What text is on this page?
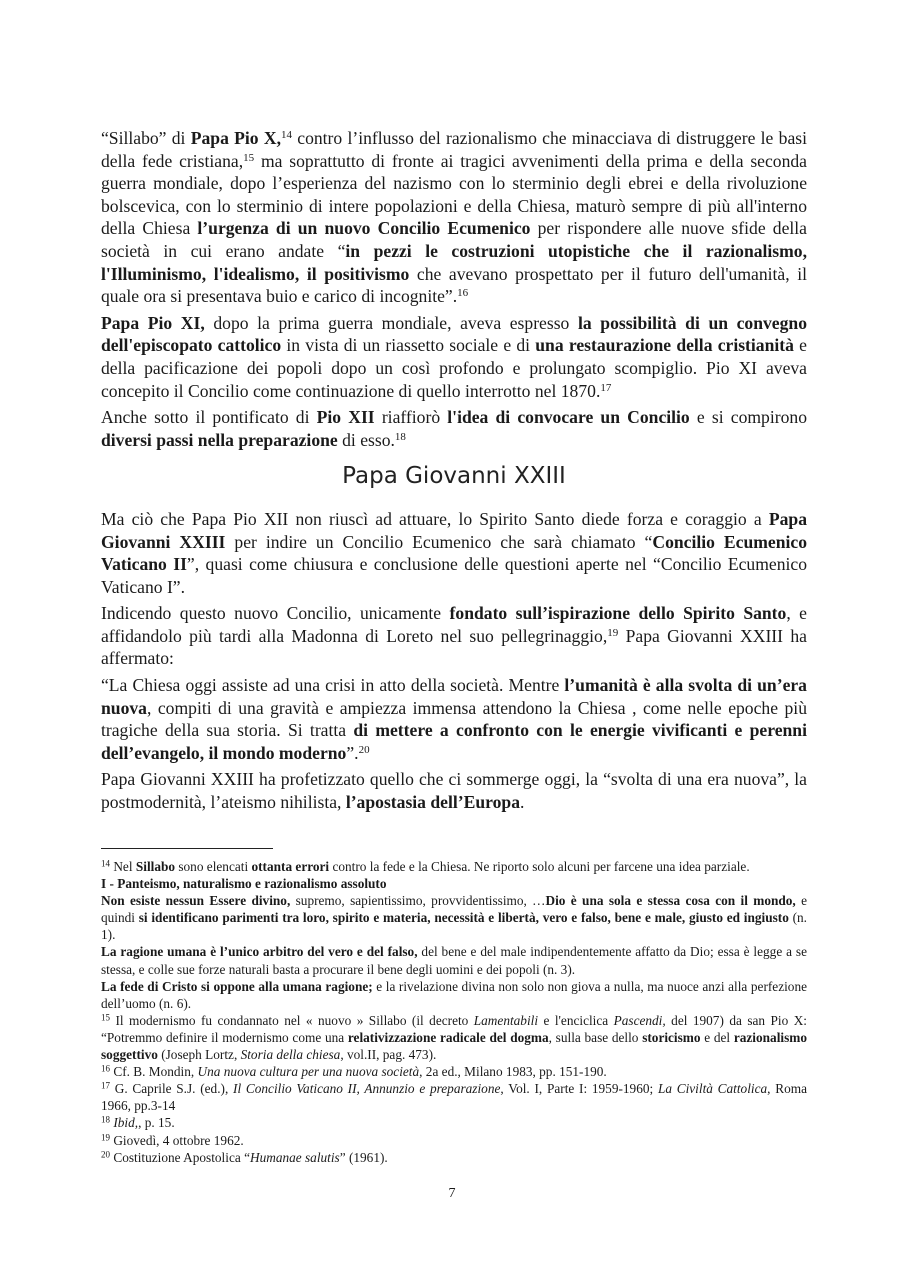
“Sillabo” di Papa Pio X,$^{14}$ contro l’influsso del razionalismo che minacciava di distruggere le basi della fede cristiana,$^{15}$ ma soprattutto di fronte ai tragici avvenimenti della prima e della seconda guerra mondiale, dopo l’esperienza del nazismo con lo sterminio degli ebrei e della rivoluzione bolscevica, con lo sterminio di intere popolazioni e della Chiesa, maturò sempre di più all'interno della Chiesa l’urgenza di un nuovo Concilio Ecumenico per rispondere alle nuove sfide della società in cui erano andate “in pezzi le costruzioni utopistiche che il razionalismo, l'Illuminismo, l'idealismo, il positivismo che avevano prospettato per il futuro dell'umanità, il quale ora si presentava buio e carico di incognite”.$^{16}$

Papa Pio XI, dopo la prima guerra mondiale, aveva espresso la possibilità di un convegno dell'episcopato cattolico in vista di un riassetto sociale e di una restaurazione della cristianità e della pacificazione dei popoli dopo un così profondo e prolungato scompiglio. Pio XI aveva concepito il Concilio come continuazione di quello interrotto nel 1870.17

Anche sotto il pontificato di Pio XII riaffiorò l'idea di convocare un Concilio e si compirono diversi passi nella preparazione di esso.$^{18}$

Papa Giovanni XXIII

Ma ciò che Papa Pio XII non riuscì ad attuare, lo Spirito Santo diede forza e coraggio a Papa Giovanni XXIII per indire un Concilio Ecumenico che sarà chiamato “Concilio Ecumenico Vaticano II”, quasi come chiusura e conclusione delle questioni aperte nel “Concilio Ecumenico Vaticano I”.

Indicendo questo nuovo Concilio, unicamente fondato sull’ispirazione dello Spirito Santo, e affidandolo più tardi alla Madonna di Loreto nel suo pellegrinaggio,$^{19}$ Papa Giovanni XXIII ha affermato:

“La Chiesa oggi assiste ad una crisi in atto della società. Mentre l’umanità è alla svolta di un’era nuova, compiti di una gravità e ampiezza immensa attendono la Chiesa , come nelle epoche più tragiche della sua storia. Si tratta di mettere a confronto con le energie vivificanti e perenni dell’evangelo, il mondo moderno”.$^{20}$

Papa Giovanni XXIII ha profetizzato quello che ci sommerge oggi, la “svolta di una era nuova”, la postmodernità, l’ateismo nihilista, l’apostasia dell’Europa.

$^{14}$ Nel Sillabo sono elencati ottanta errori contro la fede e la Chiesa. Ne riporto solo alcuni per farcene una idea parziale.

I - Panteismo, naturalismo e razionalismo assoluto

Non esiste nessun Essere divino, supremo, sapientissimo, provvidentissimo, …Dio è una sola e stessa cosa con il mondo, e quindi si identificano parimenti tra loro, spirito e materia, necessità e libertà, vero e falso, bene e male, giusto ed ingiusto (n. 1).

La ragione umana è l’unico arbitro del vero e del falso, del bene e del male indipendentemente affatto da Dio; essa è legge a se stessa, e colle sue forze naturali basta a procurare il bene degli uomini e dei popoli (n. 3).

La fede di Cristo si oppone alla umana ragione; e la rivelazione divina non solo non giova a nulla, ma nuoce anzi alla perfezione dell’uomo (n. 6).

$^{15}$ Il modernismo fu condannato nel « nuovo » Sillabo (il decreto Lamentabili e l'enciclica Pascendi, del 1907) da san Pio X: “Potremmo definire il modernismo come una relativizzazione radicale del dogma, sulla base dello storicismo e del razionalismo soggettivo (Joseph Lortz, Storia della chiesa, vol.II, pag. 473).

$^{16}$ Cf. B. Mondin, Una nuova cultura per una nuova società, 2a ed., Milano 1983, pp. 151-190.

$^{17}$ G. Caprile S.J. (ed.), Il Concilio Vaticano II, Annunzio e preparazione, Vol. I, Parte I: 1959-1960; La Civiltà Cattolica, Roma 1966, pp.3-14

$^{18}$ Ibid,, p. 15.

$^{19}$ Giovedì, 4 ottobre 1962.

$^{20}$ Costituzione Apostolica “Humanae salutis” (1961).

7
